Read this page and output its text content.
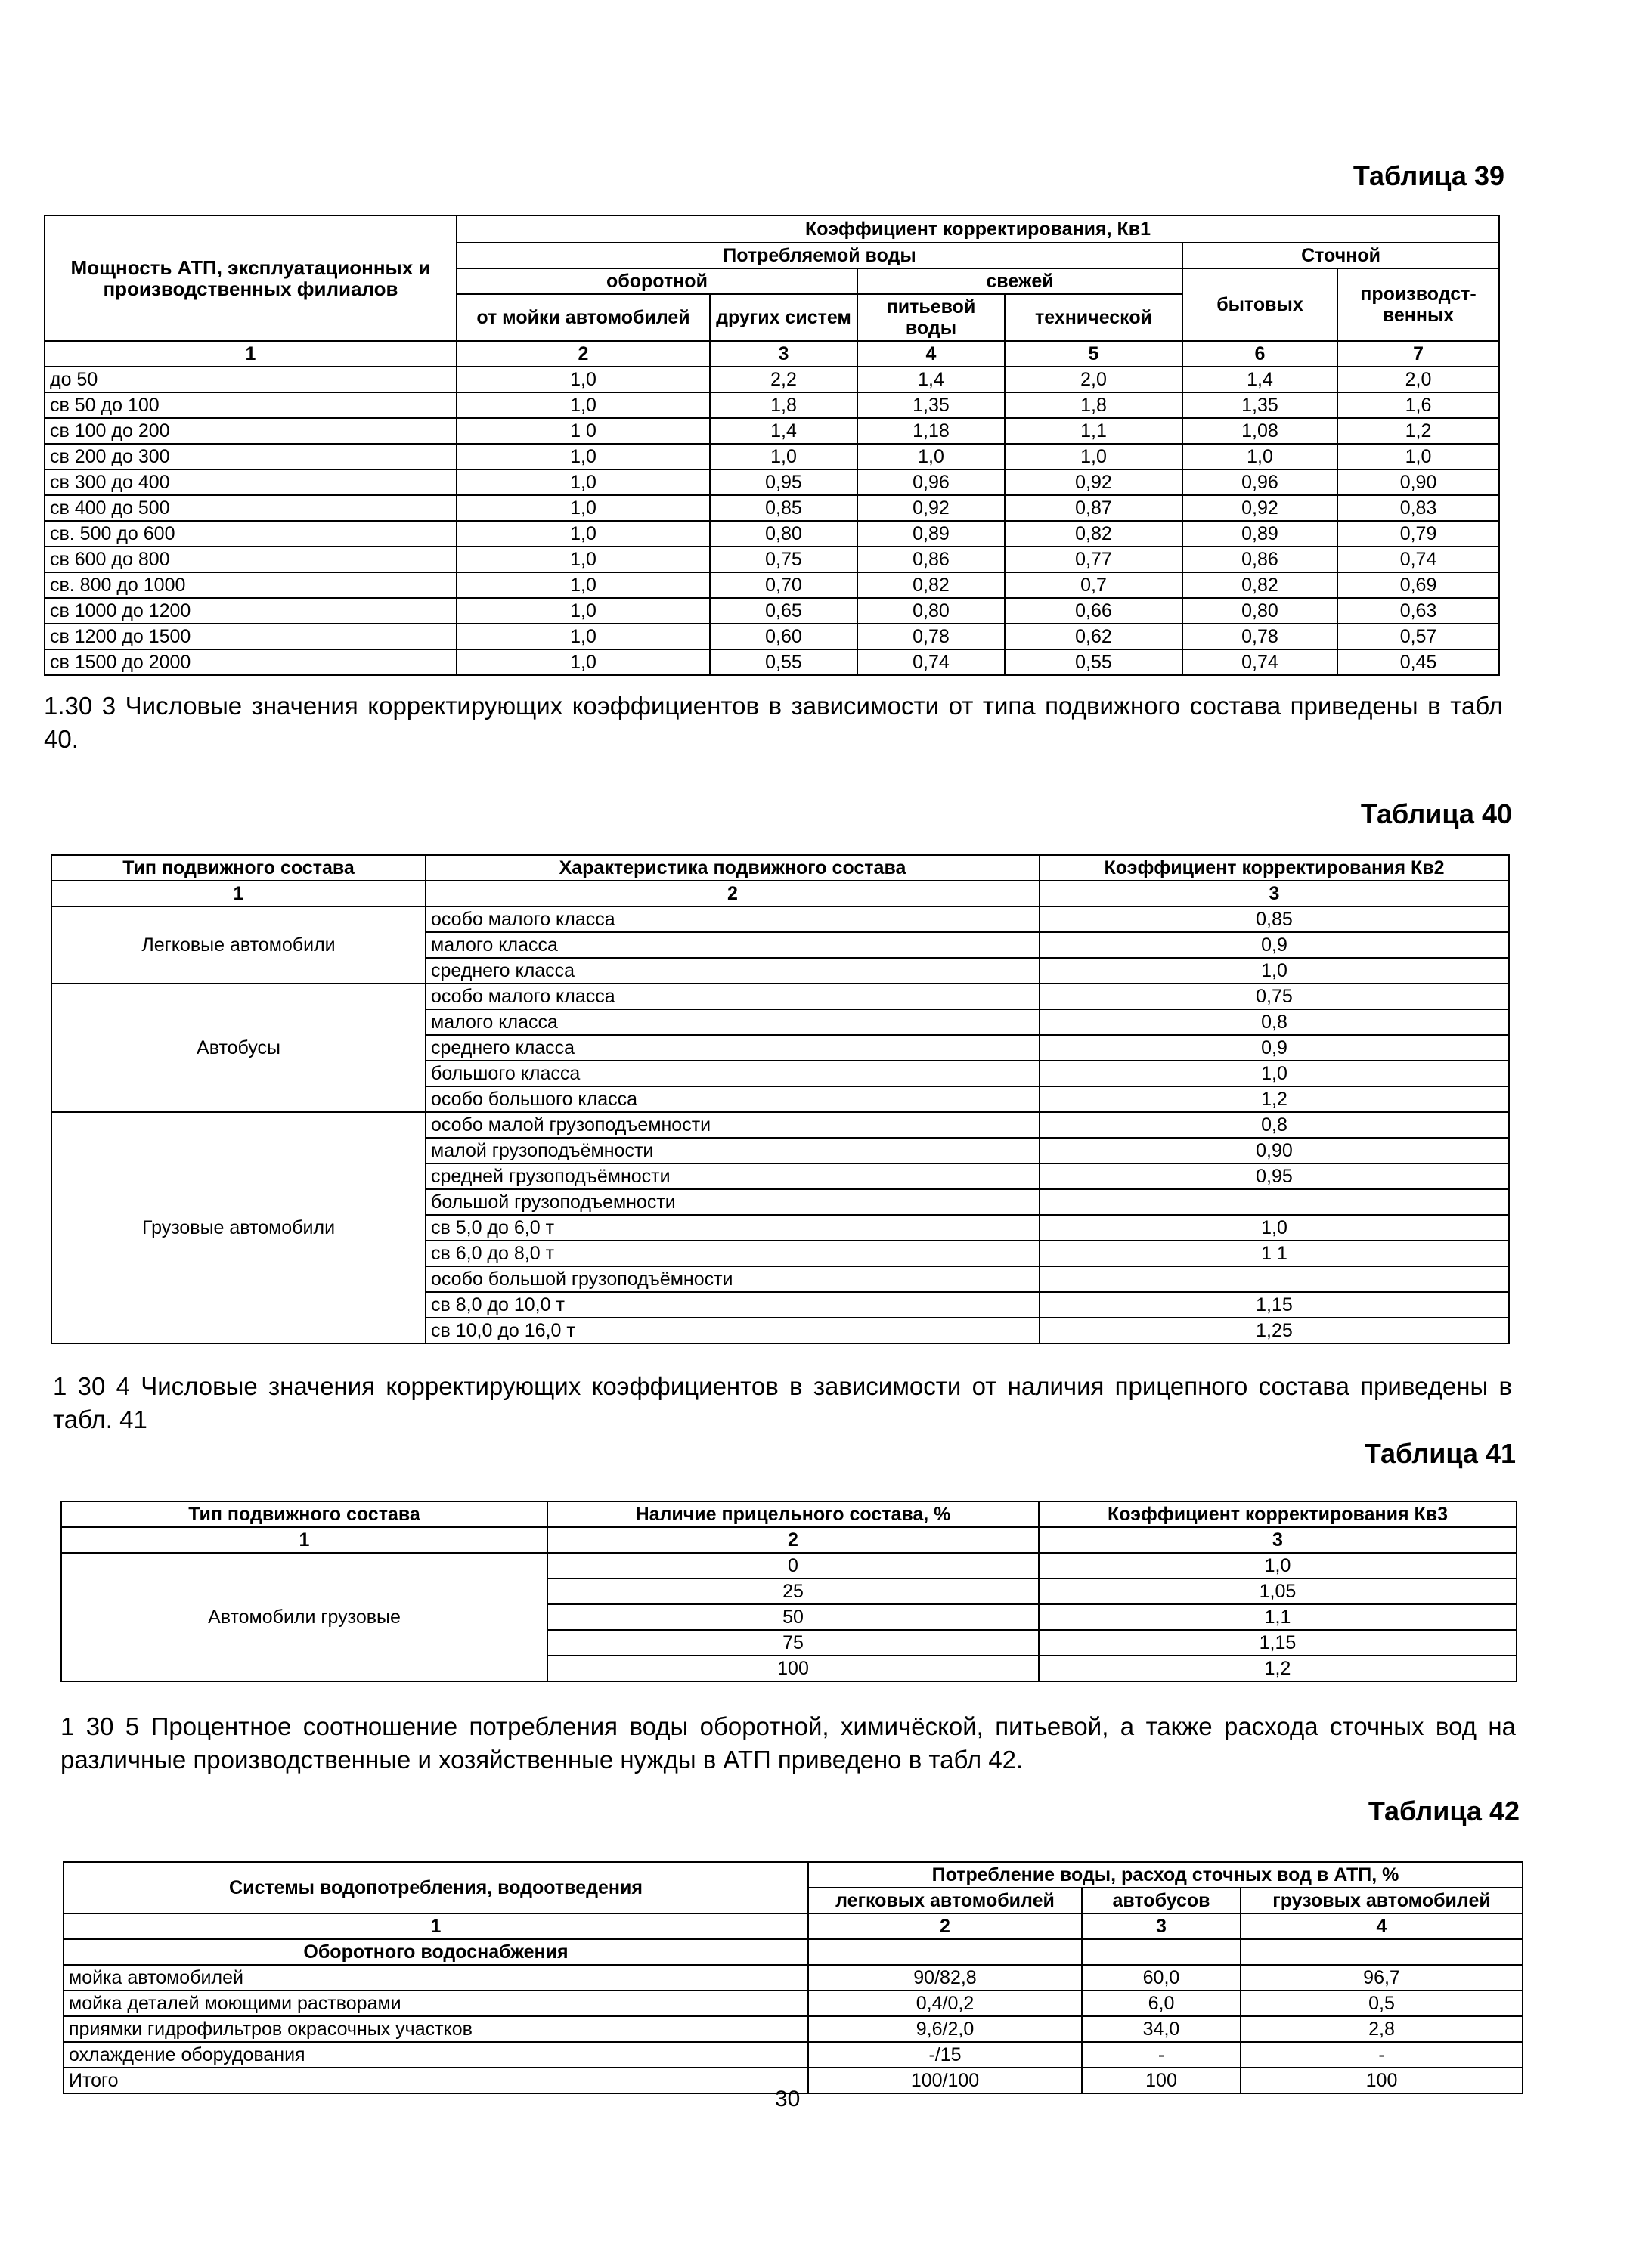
Таблица 39
Мощность АТП, эксплуатационных и производственных филиалов	Коэффициент корректирования, Кв1					
	Потребляемой воды				Сточной	
	оборотной		свежей		бытовых	производст-венных
	от мойки автомобилей	других систем	питьевой воды	технической		
1	2	3	4	5	6	7
до 50	1,0	2,2	1,4	2,0	1,4	2,0
св 50 до 100	1,0	1,8	1,35	1,8	1,35	1,6
св 100 до 200	1 0	1,4	1,18	1,1	1,08	1,2
св 200 до 300	1,0	1,0	1,0	1,0	1,0	1,0
св 300 до 400	1,0	0,95	0,96	0,92	0,96	0,90
св 400 до 500	1,0	0,85	0,92	0,87	0,92	0,83
св. 500 до 600	1,0	0,80	0,89	0,82	0,89	0,79
св 600 до 800	1,0	0,75	0,86	0,77	0,86	0,74
св. 800 до 1000	1,0	0,70	0,82	0,7	0,82	0,69
св 1000 до 1200	1,0	0,65	0,80	0,66	0,80	0,63
св 1200 до 1500	1,0	0,60	0,78	0,62	0,78	0,57
св 1500 до 2000	1,0	0,55	0,74	0,55	0,74	0,45
1.30 3 Числовые значения корректирующих коэффициентов в зависимости от типа подвижного состава приведены в табл 40.
Таблица 40
Тип подвижного состава	Характеристика подвижного состава	Коэффициент корректирования Кв2
1	2	3
Легковые автомобили	особо малого класса	0,85
	малого класса	0,9
	среднего класса	1,0
Автобусы	особо малого класса	0,75
	малого класса	0,8
	среднего класса	0,9
	большого класса	1,0
	особо большого класса	1,2
Грузовые автомобили	особо малой грузоподъемности	0,8
	малой грузоподъёмности	0,90
	средней грузоподъёмности	0,95
	большой грузоподъемности	
	св 5,0 до 6,0 т	1,0
	св 6,0 до 8,0 т	1 1
	особо большой грузоподъёмности	
	св 8,0 до 10,0 т	1,15
	св 10,0 до 16,0 т	1,25
1 30 4 Числовые значения корректирующих коэффициентов в зависимости от наличия прицепного состава приведены в табл. 41
Таблица 41
Тип подвижного состава	Наличие прицельного состава, %	Коэффициент корректирования Кв3
1	2	3
Автомобили грузовые	0	1,0
	25	1,05
	50	1,1
	75	1,15
	100	1,2
1 30 5 Процентное соотношение потребления воды оборотной, химичёской, питьевой, а также расхода сточных вод на различные производственные и хозяйственные нужды в АТП приведено в табл 42.
Таблица 42
Системы водопотребления, водоотведения	Потребление воды, расход сточных вод в АТП, %		
	легковых автомобилей	автобусов	грузовых автомобилей
1	2	3	4
Оборотного водоснабжения			
мойка автомобилей	90/82,8	60,0	96,7
мойка деталей моющими растворами	0,4/0,2	6,0	0,5
приямки гидрофильтров окрасочных участков	9,6/2,0	34,0	2,8
охлаждение оборудования	-/15	-	-
Итого	100/100	100	100
30
